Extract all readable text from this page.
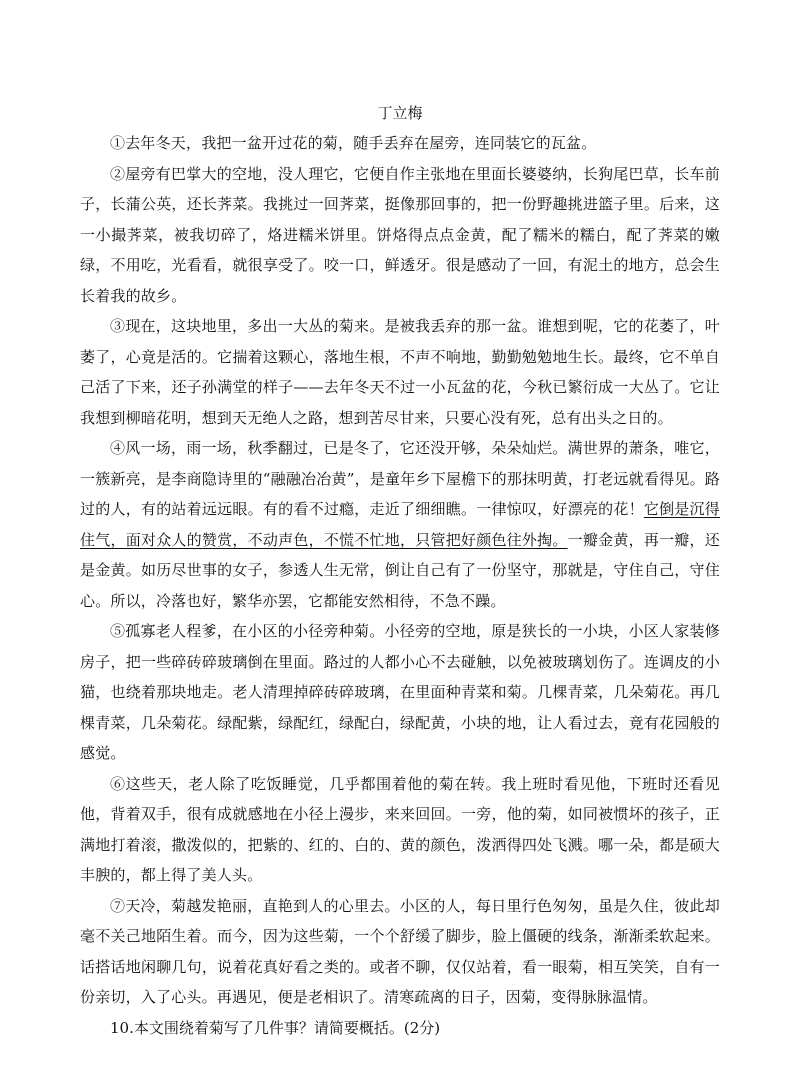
丁立梅

①去年冬天，我把一盆开过花的菊，随手丢弃在屋旁，连同装它的瓦盆。

②屋旁有巴掌大的空地，没人理它，它便自作主张地在里面长婆婆纳，长狗尾巴草，长车前子，长蒲公英，还长荠菜。我挑过一回荠菜，挺像那回事的，把一份野趣挑进篮子里。后来，这一小撮荠菜，被我切碎了，烙进糯米饼里。饼烙得点点金黄，配了糯米的糯白，配了荠菜的嫩绿，不用吃，光看看，就很享受了。咬一口，鲜透牙。很是感动了一回，有泥土的地方，总会生长着我的故乡。

③现在，这块地里，多出一大丛的菊来。是被我丢弃的那一盆。谁想到呢，它的花萎了，叶萎了，心竟是活的。它揣着这颗心，落地生根，不声不响地，勤勤勉勉地生长。最终，它不单自己活了下来，还子孙满堂的样子——去年冬天不过一小瓦盆的花，今秋已繁衍成一大丛了。它让我想到柳暗花明，想到天无绝人之路，想到苦尽甘来，只要心没有死，总有出头之日的。

④风一场，雨一场，秋季翻过，已是冬了，它还没开够，朵朵灿烂。满世界的萧条，唯它，一簇新亮，是李商隐诗里的“融融冶冶黄”，是童年乡下屋檐下的那抹明黄，打老远就看得见。路过的人，有的站着远远眼。有的看不过瘾，走近了细细瞧。一律惊叹，好漂亮的花！它倒是沉得住气，面对众人的赞赏，不动声色，不慌不忙地，只管把好颜色往外掏。一瓣金黄，再一瓣，还是金黄。如历尽世事的女子，参透人生无常，倒让自己有了一份坚守，那就是，守住自己，守住心。所以，冷落也好，繁华亦罢，它都能安然相待，不急不躁。

⑤孤寡老人程爹，在小区的小径旁种菊。小径旁的空地，原是狭长的一小块，小区人家装修房子，把一些碎砖碎玻璃倒在里面。路过的人都小心不去碰触，以免被玻璃划伤了。连调皮的小猫，也绕着那块地走。老人清理掉碎砖碎玻璃，在里面种青菜和菊。几棵青菜，几朵菊花。再几棵青菜，几朵菊花。绿配紫，绿配红，绿配白，绿配黄，小块的地，让人看过去，竟有花园般的感觉。

⑥这些天，老人除了吃饭睡觉，几乎都围着他的菊在转。我上班时看见他，下班时还看见他，背着双手，很有成就感地在小径上漫步，来来回回。一旁，他的菊，如同被惯坏的孩子，正满地打着滚，撒泼似的，把紫的、红的、白的、黄的颜色，泼洒得四处飞溅。哪一朵，都是硕大丰腴的，都上得了美人头。

⑦天冷，菊越发艳丽，直艳到人的心里去。小区的人，每日里行色匆匆，虽是久住，彼此却毫不关己地陌生着。而今，因为这些菊，一个个舒缓了脚步，脸上僵硬的线条，渐渐柔软起来。话搭话地闲聊几句，说着花真好看之类的。或者不聊，仅仅站着，看一眼菊，相互笑笑，自有一份亲切，入了心头。再遇见，便是老相识了。清寒疏离的日子，因菊，变得脉脉温情。

10.本文围绕着菊写了几件事？请简要概括。(2分)
